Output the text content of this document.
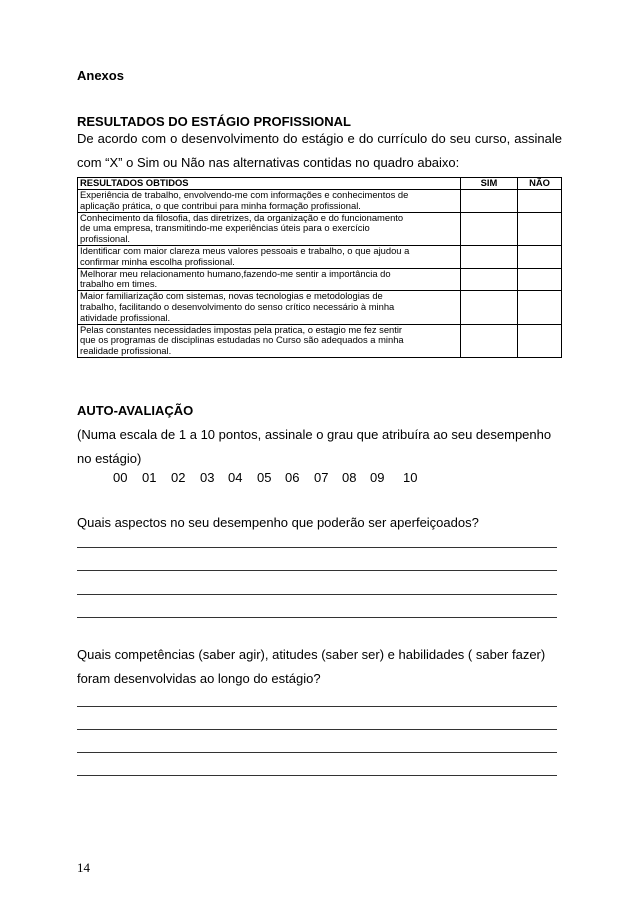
Anexos
RESULTADOS DO ESTÁGIO PROFISSIONAL
De acordo com o desenvolvimento do estágio e do currículo do seu curso, assinale
com “X” o Sim ou Não nas alternativas contidas no quadro abaixo:
RESULTADOS OBTIDOS	SIM	NÃO

Experiência de trabalho, envolvendo-me com informações e conhecimentos de
aplicação prática, o que contribui para minha formação profissional.		

Conhecimento da filosofia, das diretrizes, da organização e do funcionamento
de uma empresa, transmitindo-me experiências úteis para o exercício
profissional.		

Identificar com maior clareza meus valores pessoais e trabalho, o que ajudou a
confirmar minha escolha profissional.		

Melhorar meu relacionamento humano,fazendo-me sentir a importância do
trabalho em times.		

Maior familiarização com sistemas, novas tecnologias e metodologias de
trabalho, facilitando o desenvolvimento do senso crítico necessário à minha
atividade profissional.		

Pelas constantes necessidades impostas pela pratica, o estagio me fez sentir
que os programas de disciplinas estudadas no Curso são adequados a minha
realidade profissional.		

AUTO-AVALIAÇÃO
(Numa escala de 1 a 10 pontos, assinale o grau que atribuíra ao seu desempenho
no estágio)
00 01 02 03 04 05 06 07 08 09 10
Quais aspectos no seu desempenho que poderão ser aperfeiçoados?
Quais competências (saber agir), atitudes (saber ser) e habilidades ( saber fazer)
foram desenvolvidas ao longo do estágio?
14
